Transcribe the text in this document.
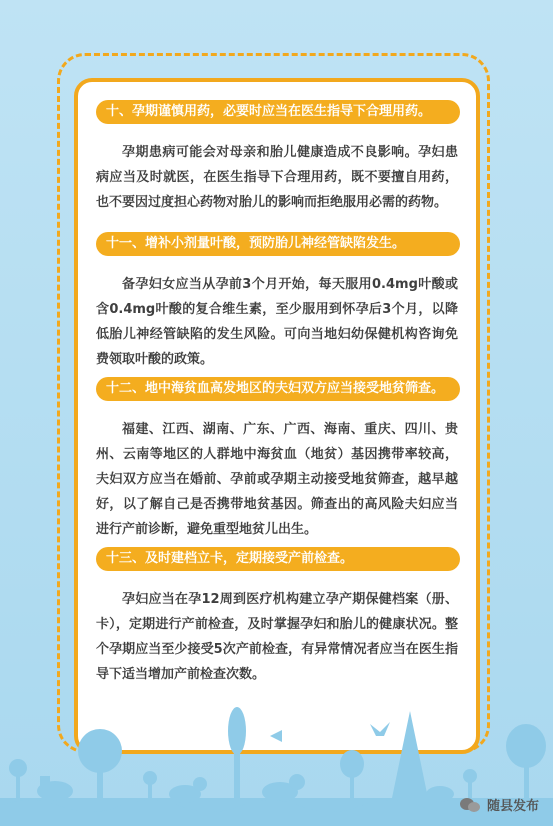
十、孕期谨慎用药，必要时应当在医生指导下合理用药。
孕期患病可能会对母亲和胎儿健康造成不良影响。孕妇患病应当及时就医，在医生指导下合理用药，既不要擅自用药，也不要因过度担心药物对胎儿的影响而拒绝服用必需的药物。
十一、增补小剂量叶酸，预防胎儿神经管缺陷发生。
备孕妇女应当从孕前3个月开始，每天服用0.4mg叶酸或含0.4mg叶酸的复合维生素，至少服用到怀孕后3个月，以降低胎儿神经管缺陷的发生风险。可向当地妇幼保健机构咨询免费领取叶酸的政策。
十二、地中海贫血高发地区的夫妇双方应当接受地贫筛查。
福建、江西、湖南、广东、广西、海南、重庆、四川、贵州、云南等地区的人群地中海贫血（地贫）基因携带率较高，夫妇双方应当在婚前、孕前或孕期主动接受地贫筛查，越早越好，以了解自己是否携带地贫基因。筛查出的高风险夫妇应当进行产前诊断，避免重型地贫儿出生。
十三、及时建档立卡，定期接受产前检查。
孕妇应当在孕12周到医疗机构建立孕产期保健档案（册、卡），定期进行产前检查，及时掌握孕妇和胎儿的健康状况。整个孕期应当至少接受5次产前检查，有异常情况者应当在医生指导下适当增加产前检查次数。
随县发布
